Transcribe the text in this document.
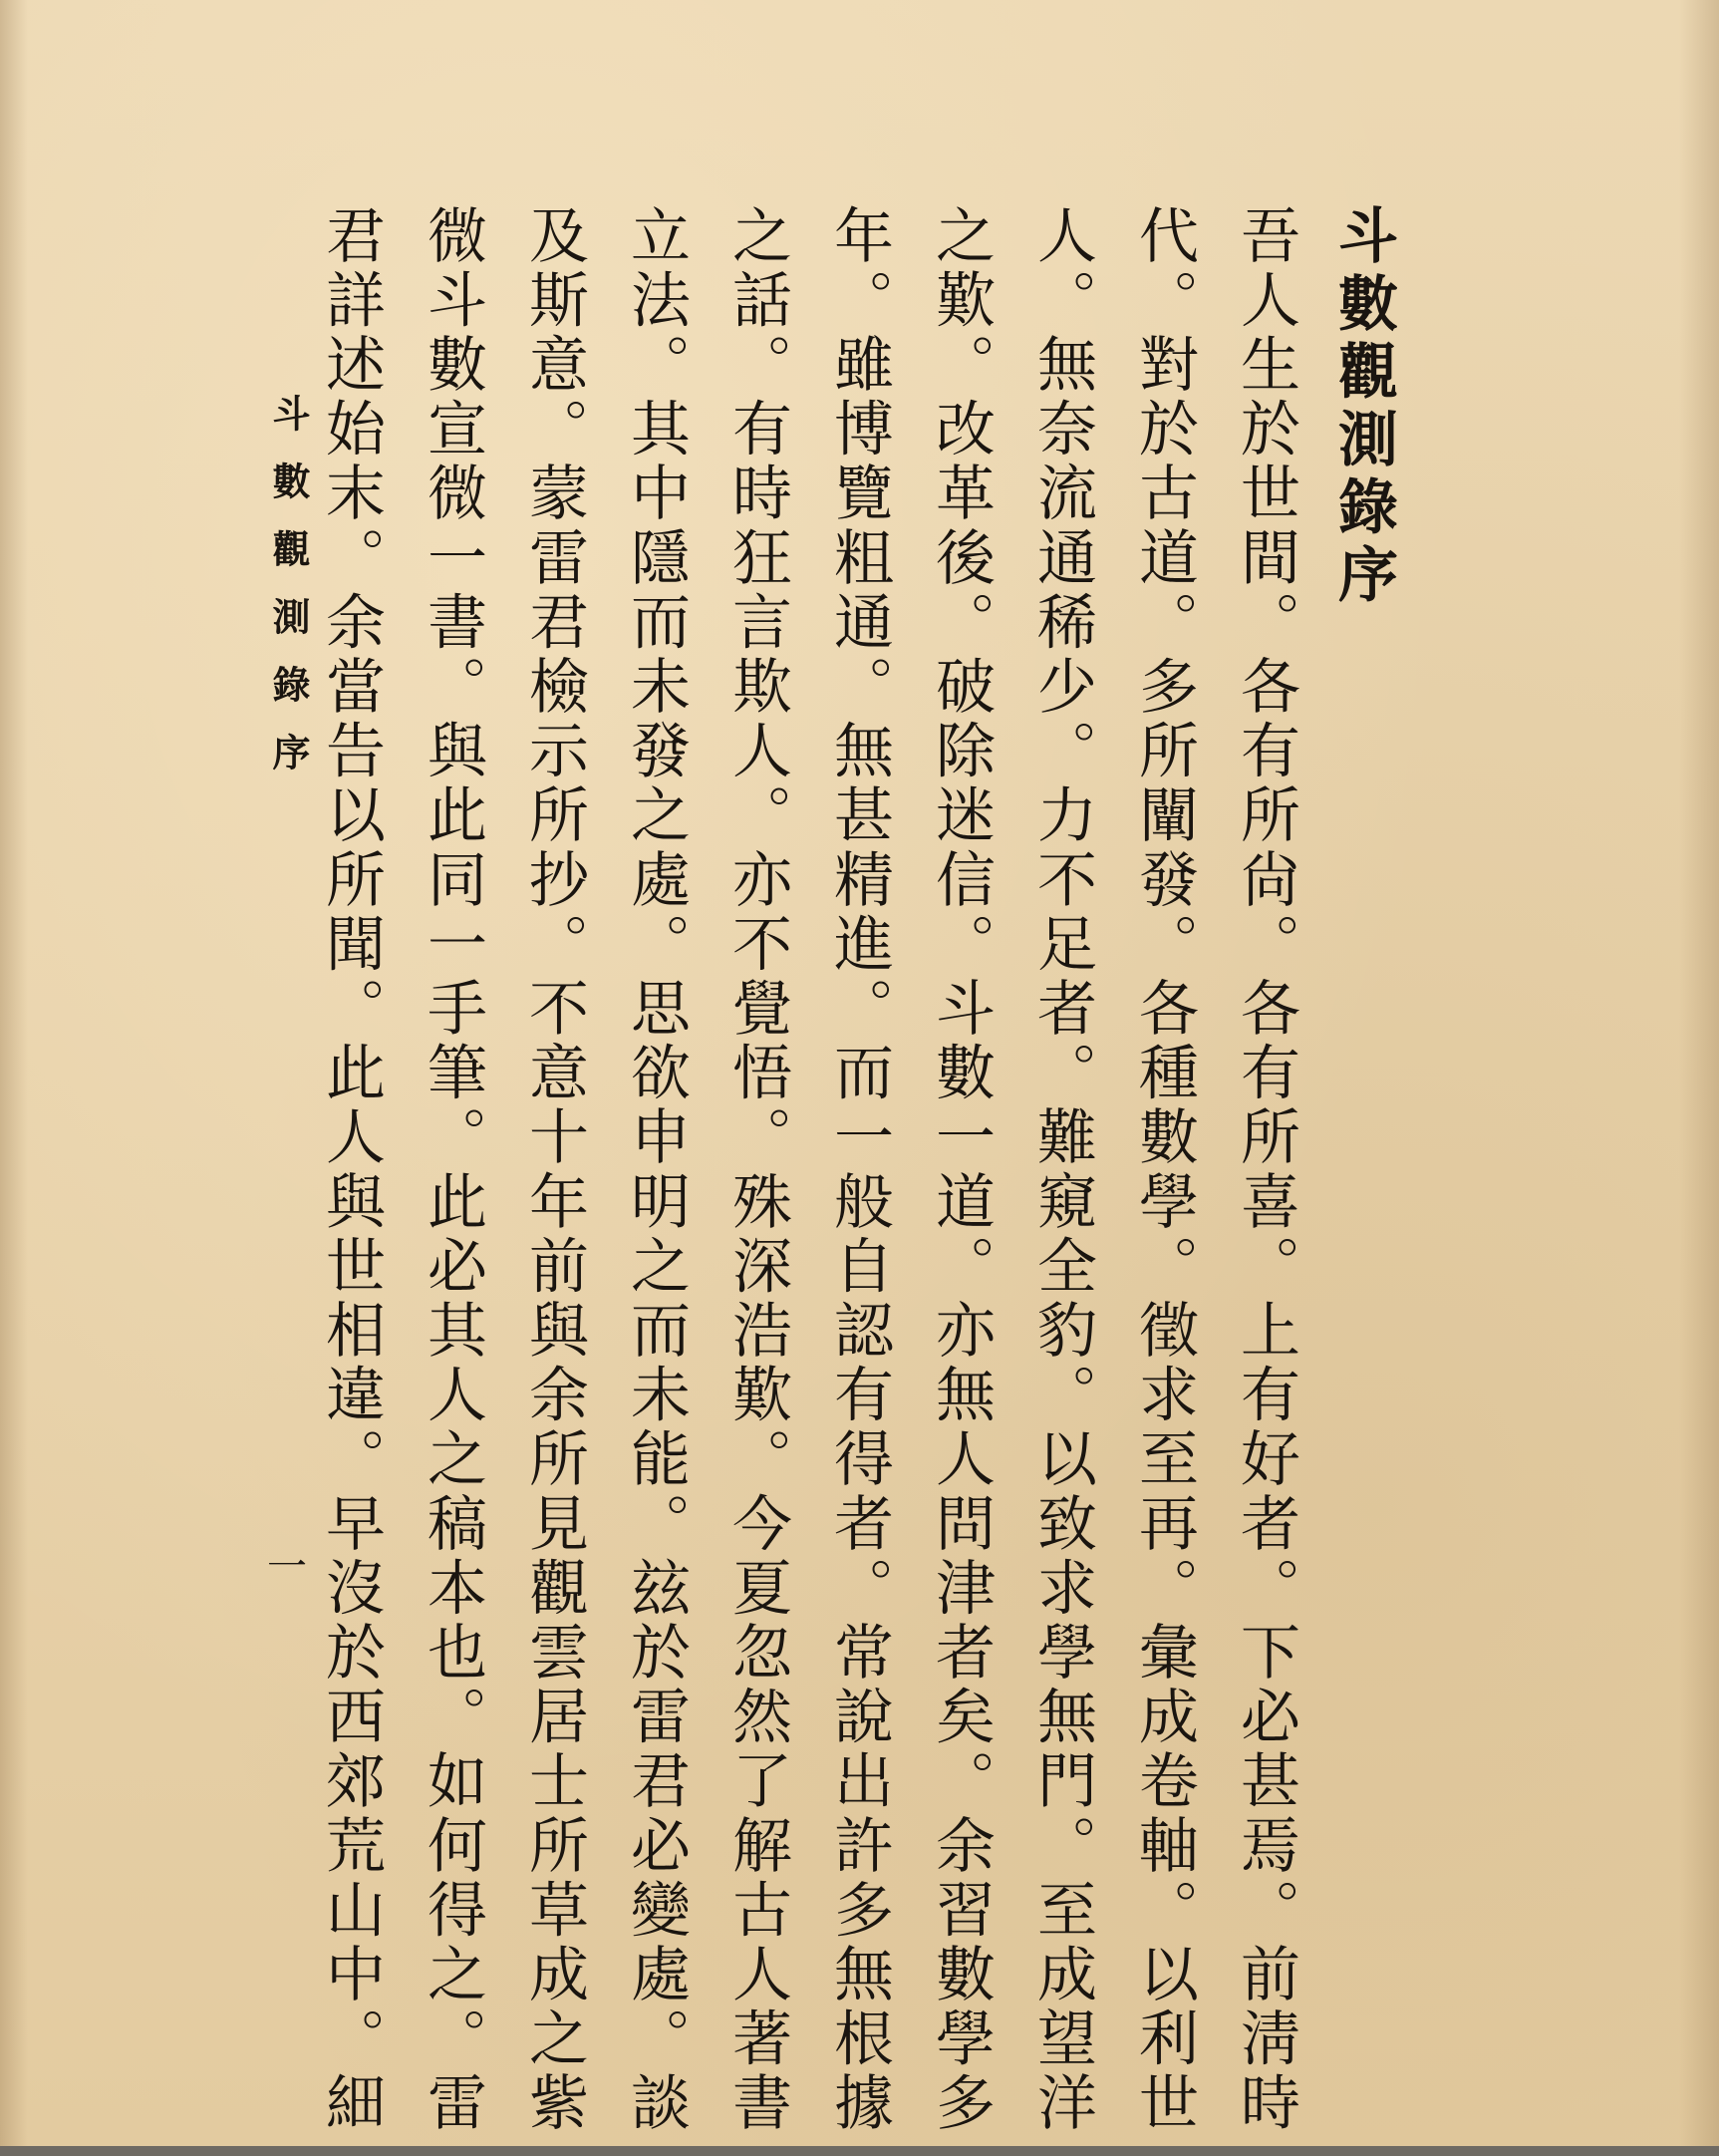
斗數觀測錄序
吾人生於世間。各有所尙。各有所喜。上有好者。下必甚焉。前淸時
代。對於古道。多所闡發。各種數學。徵求至再。彙成卷軸。以利世
人。無奈流通稀少。力不足者。難窺全豹。以致求學無門。至成望洋
之歎。改革後。破除迷信。斗數一道。亦無人問津者矣。余習數學多
年。雖博覽粗通。無甚精進。而一般自認有得者。常說出許多無根據
之話。有時狂言欺人。亦不覺悟。殊深浩歎。今夏忽然了解古人著書
立法。其中隱而未發之處。思欲申明之而未能。玆於雷君必變處。談
及斯意。蒙雷君檢示所抄。不意十年前與余所見觀雲居士所草成之紫
微斗數宣微一書。與此同一手筆。此必其人之稿本也。如何得之。雷
君詳述始末。余當告以所聞。此人與世相違。早沒於西郊荒山中。細
斗數觀測錄序
一
